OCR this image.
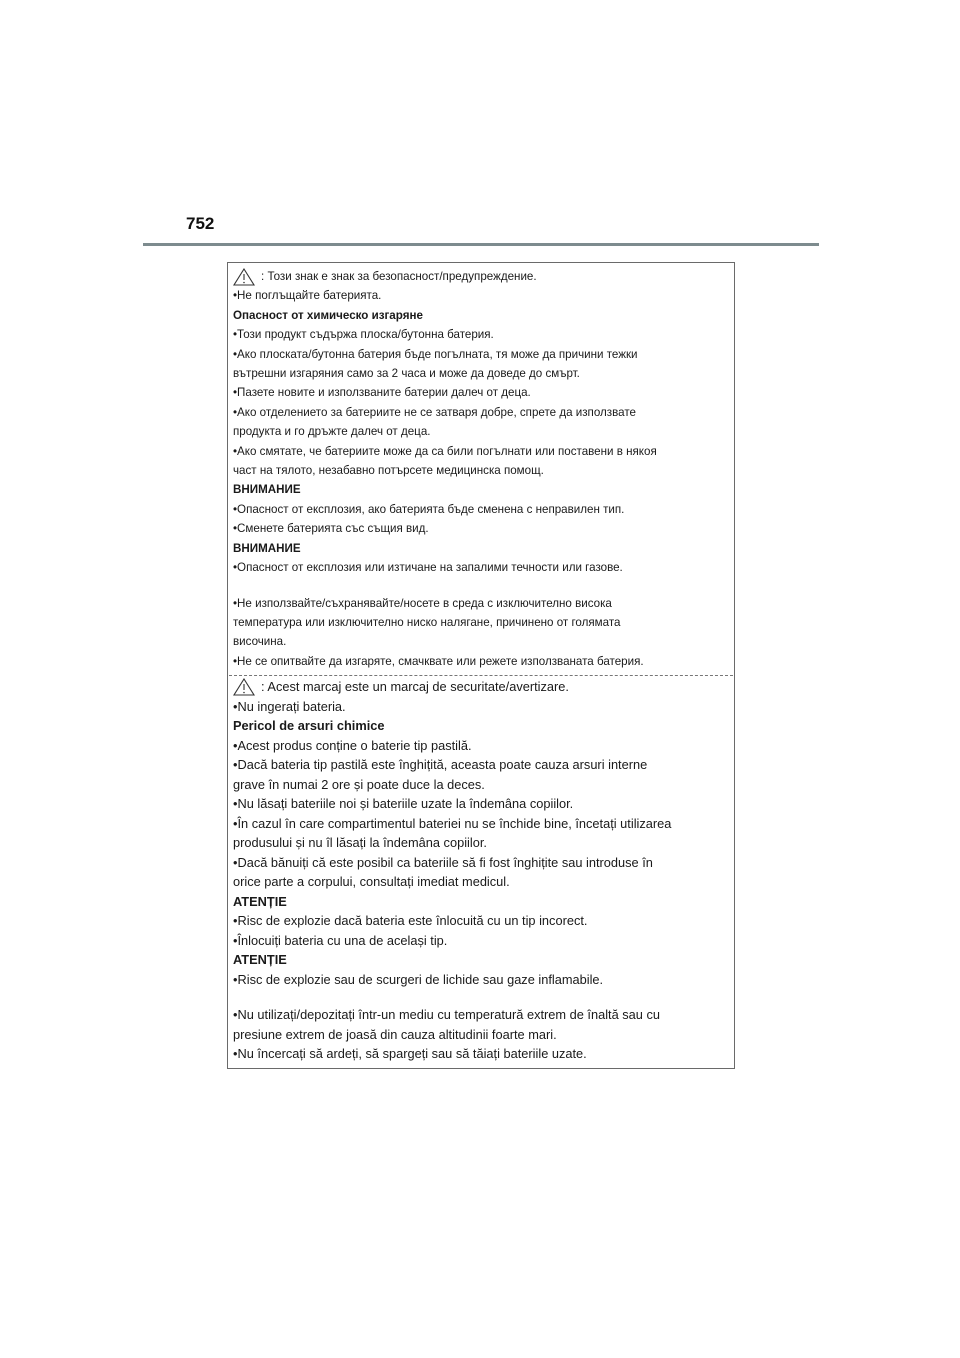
752
: Този знак е знак за безопасност/предупреждение.
•Не поглъщайте батерията.
Опасност от химическо изгаряне
•Този продукт съдържа плоска/бутонна батерия.
•Ако плоската/бутонна батерия бъде погълната, тя може да причини тежки
вътрешни изгаряния само за 2 часа и може да доведе до смърт.
•Пазете новите и използваните батерии далеч от деца.
•Ако отделението за батериите не се затваря добре, спрете да използвате
продукта и го дръжте далеч от деца.
•Ако смятате, че батериите може да са били погълнати или поставени в някоя
част на тялото, незабавно потърсете медицинска помощ.
ВНИМАНИЕ
•Опасност от експлозия, ако батерията бъде сменена с неправилен тип.
•Сменете батерията със същия вид.
ВНИМАНИЕ
•Опасност от експлозия или изтичане на запалими течности или газове.
•Не използвайте/съхранявайте/носете в среда с изключително висока
температура или изключително ниско налягане, причинено от голямата
височина.
•Не се опитвайте да изгаряте, смачквате или режете използваната батерия.
: Acest marcaj este un marcaj de securitate/avertizare.
•Nu ingerați bateria.
Pericol de arsuri chimice
•Acest produs conține o baterie tip pastilă.
•Dacă bateria tip pastilă este înghițită, aceasta poate cauza arsuri interne
grave în numai 2 ore și poate duce la deces.
•Nu lăsați bateriile noi și bateriile uzate la îndemâna copiilor.
•În cazul în care compartimentul bateriei nu se închide bine, încetați utilizarea
produsului și nu îl lăsați la îndemâna copiilor.
•Dacă bănuiți că este posibil ca bateriile să fi fost înghițite sau introduse în
orice parte a corpului, consultați imediat medicul.
ATENȚIE
•Risc de explozie dacă bateria este înlocuită cu un tip incorect.
•Înlocuiți bateria cu una de același tip.
ATENȚIE
•Risc de explozie sau de scurgeri de lichide sau gaze inflamabile.
•Nu utilizați/depozitați într-un mediu cu temperatură extrem de înaltă sau cu
presiune extrem de joasă din cauza altitudinii foarte mari.
•Nu încercați să ardeți, să spargeți sau să tăiați bateriile uzate.
